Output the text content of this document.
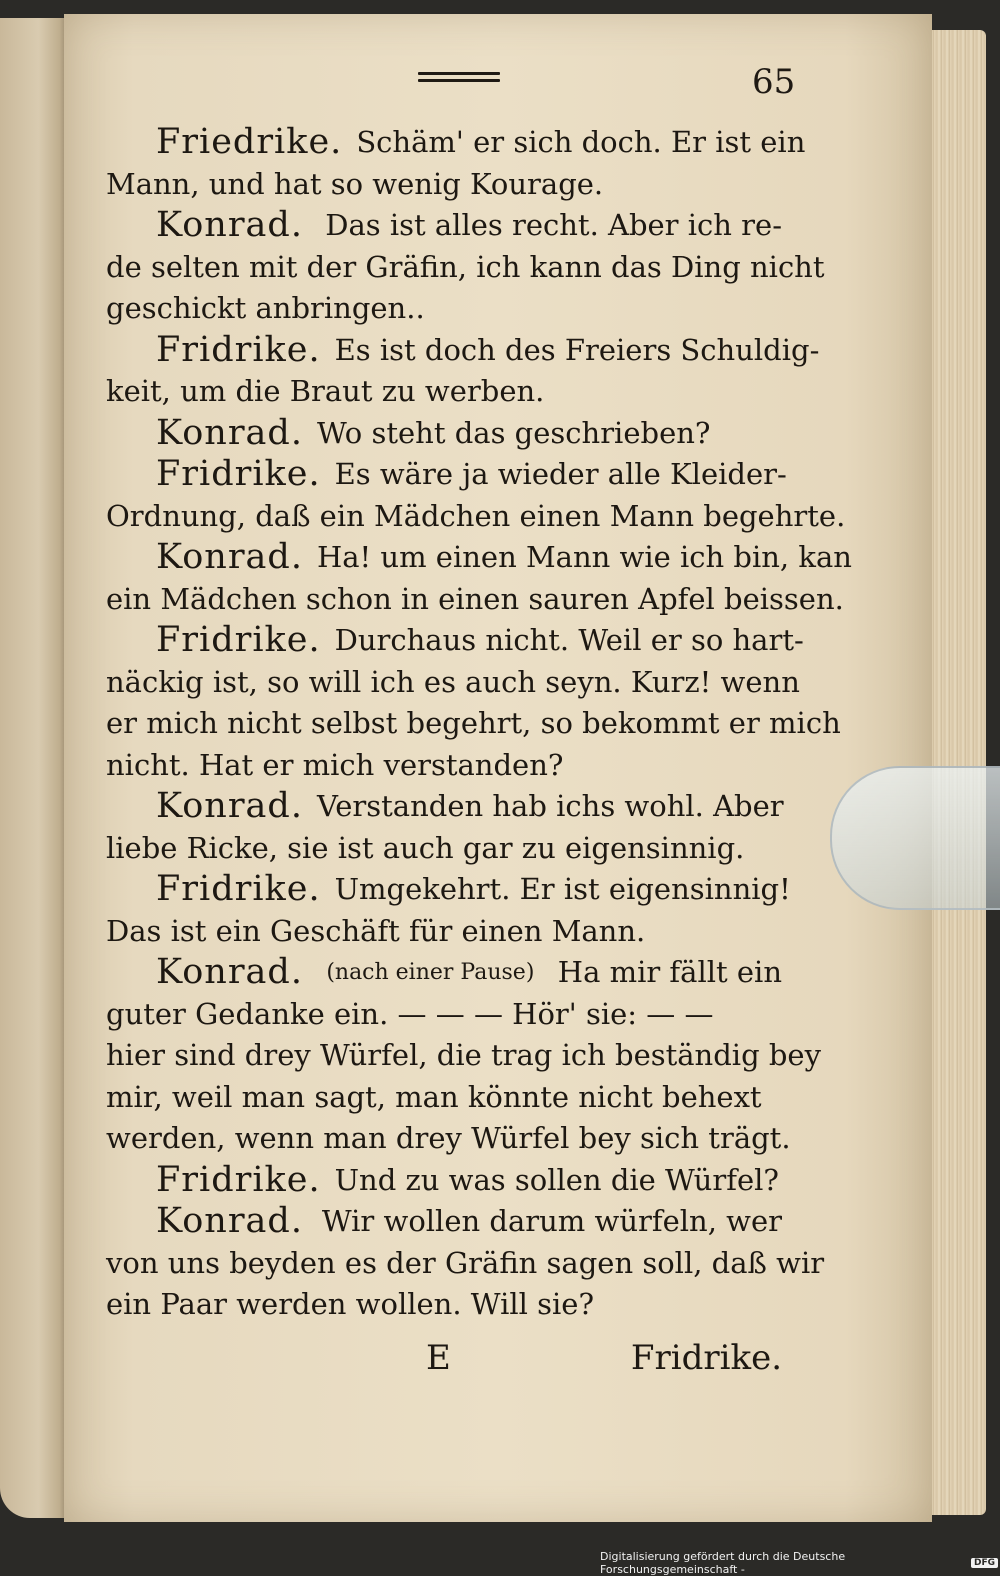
65
Friedrike. Schäm' er sich doch. Er ist ein
Mann, und hat so wenig Kourage.
Konrad. Das ist alles recht. Aber ich re-
de selten mit der Gräfin, ich kann das Ding nicht
geschickt anbringen..
Fridrike. Es ist doch des Freiers Schuldig-
keit, um die Braut zu werben.
Konrad. Wo steht das geschrieben?
Fridrike. Es wäre ja wieder alle Kleider-
Ordnung, daß ein Mädchen einen Mann begehrte.
Konrad. Ha! um einen Mann wie ich bin, kan
ein Mädchen schon in einen sauren Apfel beissen.
Fridrike. Durchaus nicht. Weil er so hart-
näckig ist, so will ich es auch seyn. Kurz! wenn
er mich nicht selbst begehrt, so bekommt er mich
nicht. Hat er mich verstanden?
Konrad. Verstanden hab ichs wohl. Aber
liebe Ricke, sie ist auch gar zu eigensinnig.
Fridrike. Umgekehrt. Er ist eigensinnig!
Das ist ein Geschäft für einen Mann.
Konrad. (nach einer Pause) Ha mir fällt ein
guter Gedanke ein. — — — Hör' sie: — —
hier sind drey Würfel, die trag ich beständig bey
mir, weil man sagt, man könnte nicht behext
werden, wenn man drey Würfel bey sich trägt.
Fridrike. Und zu was sollen die Würfel?
Konrad. Wir wollen darum würfeln, wer
von uns beyden es der Gräfin sagen soll, daß wir
ein Paar werden wollen. Will sie?
E	Fridrike.
Digitalisierung gefördert durch die Deutsche Forschungsgemeinschaft -	DFG
